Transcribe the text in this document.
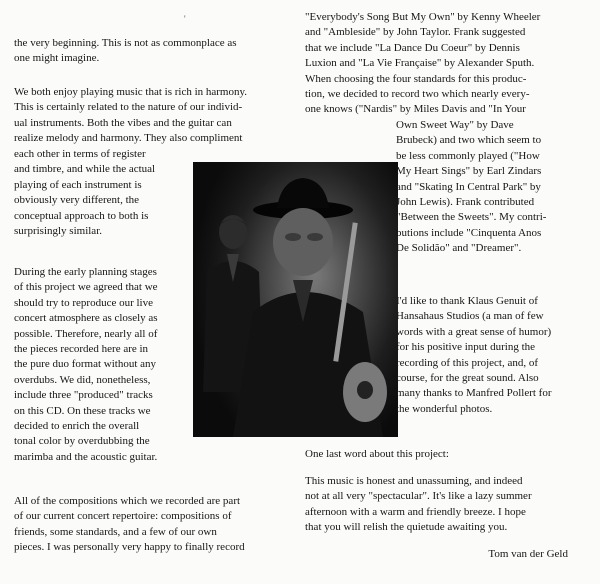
'
the very beginning. This is not as commonplace as
one might imagine.
We both enjoy playing music that is rich in harmony.
This is certainly related to the nature of our individ-
ual instruments. Both the vibes and the guitar can
realize melody and harmony. They also compliment
each other in terms of register
and timbre, and while the actual
playing of each instrument is
obviously very different, the
conceptual approach to both is
surprisingly similar.
During the early planning stages
of this project we agreed that we
should try to reproduce our live
concert atmosphere as closely as
possible. Therefore, nearly all of
the pieces recorded here are in
the pure duo format without any
overdubs. We did, nonetheless,
include three "produced" tracks
on this CD. On these tracks we
decided to enrich the overall
tonal color by overdubbing the
marimba and the acoustic guitar.
All of the compositions which we recorded are part
of our current concert repertoire: compositions of
friends, some standards, and a few of our own
pieces. I was personally very happy to finally record
"Everybody's Song But My Own" by Kenny Wheeler
and "Ambleside" by John Taylor. Frank suggested
that we include "La Dance Du Coeur" by Dennis
Luxion and "La Vie Française" by Alexander Sputh.
When choosing the four standards for this produc-
tion, we decided to record two which nearly every-
one knows ("Nardis" by Miles Davis and "In Your
Own Sweet Way" by Dave
Brubeck) and two which seem to
be less commonly played ("How
My Heart Sings" by Earl Zindars
and "Skating In Central Park" by
John Lewis). Frank contributed
"Between the Sweets". My contri-
butions include "Cinquenta Anos
De Solidão" and "Dreamer".
I'd like to thank Klaus Genuit of
Hansahaus Studios (a man of few
words with a great sense of humor)
for his positive input during the
recording of this project, and, of
course, for the great sound. Also
many thanks to Manfred Pollert for
the wonderful photos.
One last word about this project:
This music is honest and unassuming, and indeed
not at all very "spectacular". It's like a lazy summer
afternoon with a warm and friendly breeze. I hope
that you will relish the quietude awaiting you.
Tom van der Geld
